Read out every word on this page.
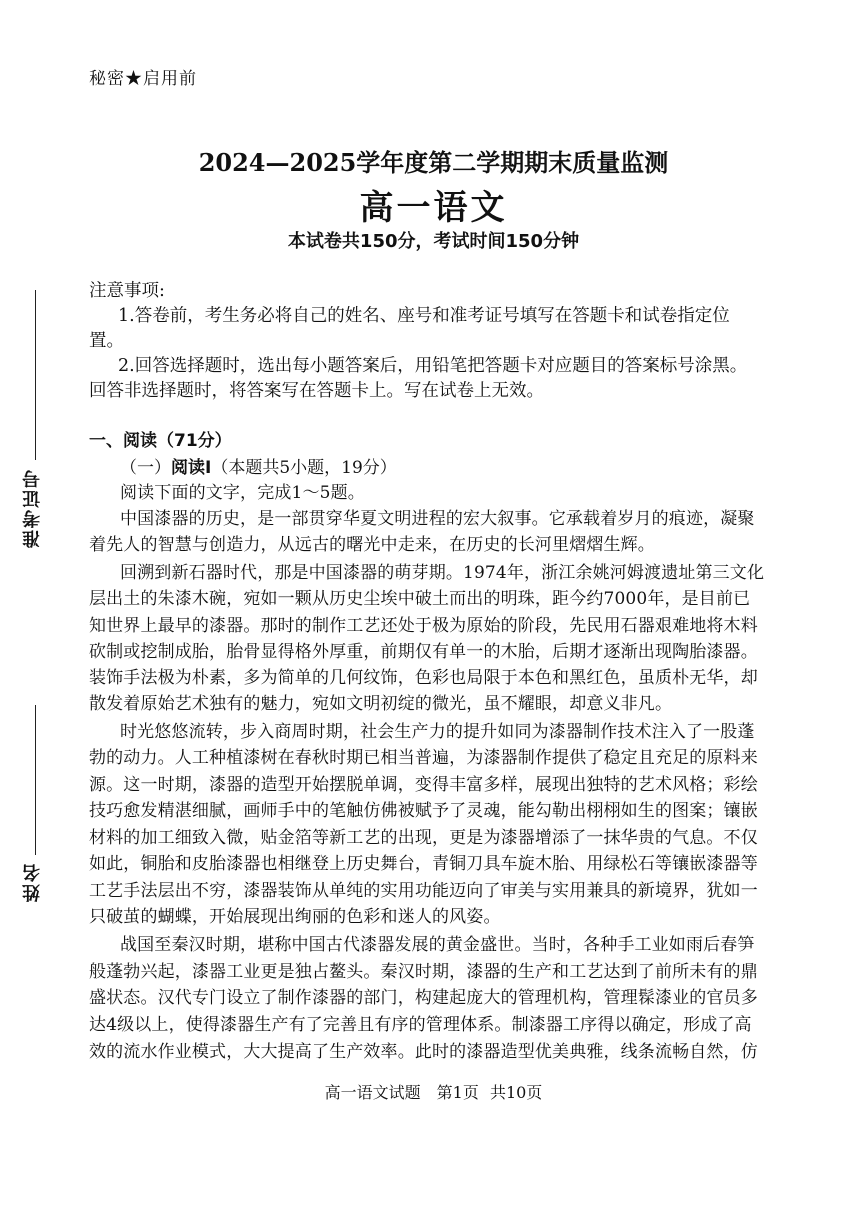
准考证号
姓名
秘密★启用前
2024—2025学年度第二学期期末质量监测
高一语文
本试卷共150分，考试时间150分钟
注意事项:
1.答卷前，考生务必将自己的姓名、座号和准考证号填写在答题卡和试卷指定位
置。
2.回答选择题时，选出每小题答案后，用铅笔把答题卡对应题目的答案标号涂黑。
回答非选择题时，将答案写在答题卡上。写在试卷上无效。
一、阅读（71分）
（一）阅读Ⅰ（本题共5小题，19分）
阅读下面的文字，完成1～5题。
中国漆器的历史，是一部贯穿华夏文明进程的宏大叙事。它承载着岁月的痕迹，凝聚
着先人的智慧与创造力，从远古的曙光中走来，在历史的长河里熠熠生辉。
回溯到新石器时代，那是中国漆器的萌芽期。1974年，浙江余姚河姆渡遗址第三文化
层出土的朱漆木碗，宛如一颗从历史尘埃中破土而出的明珠，距今约7000年，是目前已
知世界上最早的漆器。那时的制作工艺还处于极为原始的阶段，先民用石器艰难地将木料
砍制或挖制成胎，胎骨显得格外厚重，前期仅有单一的木胎，后期才逐渐出现陶胎漆器。
装饰手法极为朴素，多为简单的几何纹饰，色彩也局限于本色和黑红色，虽质朴无华，却
散发着原始艺术独有的魅力，宛如文明初绽的微光，虽不耀眼，却意义非凡。
时光悠悠流转，步入商周时期，社会生产力的提升如同为漆器制作技术注入了一股蓬
勃的动力。人工种植漆树在春秋时期已相当普遍，为漆器制作提供了稳定且充足的原料来
源。这一时期，漆器的造型开始摆脱单调，变得丰富多样，展现出独特的艺术风格；彩绘
技巧愈发精湛细腻，画师手中的笔触仿佛被赋予了灵魂，能勾勒出栩栩如生的图案；镶嵌
材料的加工细致入微，贴金箔等新工艺的出现，更是为漆器增添了一抹华贵的气息。不仅
如此，铜胎和皮胎漆器也相继登上历史舞台，青铜刀具车旋木胎、用绿松石等镶嵌漆器等
工艺手法层出不穷，漆器装饰从单纯的实用功能迈向了审美与实用兼具的新境界，犹如一
只破茧的蝴蝶，开始展现出绚丽的色彩和迷人的风姿。
战国至秦汉时期，堪称中国古代漆器发展的黄金盛世。当时，各种手工业如雨后春笋
般蓬勃兴起，漆器工业更是独占鳌头。秦汉时期，漆器的生产和工艺达到了前所未有的鼎
盛状态。汉代专门设立了制作漆器的部门，构建起庞大的管理机构，管理髹漆业的官员多
达4级以上，使得漆器生产有了完善且有序的管理体系。制漆器工序得以确定，形成了高
效的流水作业模式，大大提高了生产效率。此时的漆器造型优美典雅，线条流畅自然，仿
高一语文试题　第1页 共10页
